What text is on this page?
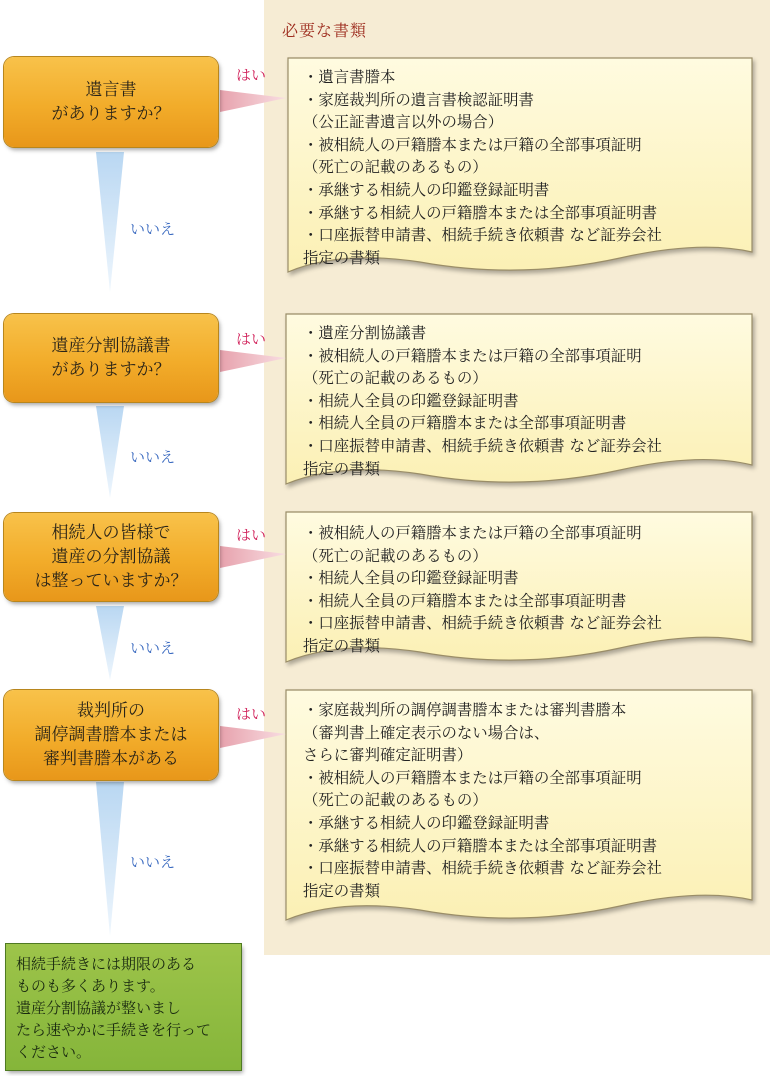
必要な書類
遺言書
がありますか？
はい
いいえ
・遺言書謄本
・家庭裁判所の遺言書検認証明書
（公正証書遺言以外の場合）
・被相続人の戸籍謄本または戸籍の全部事項証明
（死亡の記載のあるもの）
・承継する相続人の印鑑登録証明書
・承継する相続人の戸籍謄本または全部事項証明書
・口座振替申請書、相続手続き依頼書 など証券会社
指定の書類
遺産分割協議書
がありますか？
はい
いいえ
・遺産分割協議書
・被相続人の戸籍謄本または戸籍の全部事項証明
（死亡の記載のあるもの）
・相続人全員の印鑑登録証明書
・相続人全員の戸籍謄本または全部事項証明書
・口座振替申請書、相続手続き依頼書 など証券会社
指定の書類
相続人の皆様で
遺産の分割協議
は整っていますか？
はい
いいえ
・被相続人の戸籍謄本または戸籍の全部事項証明
（死亡の記載のあるもの）
・相続人全員の印鑑登録証明書
・相続人全員の戸籍謄本または全部事項証明書
・口座振替申請書、相続手続き依頼書 など証券会社
指定の書類
裁判所の
調停調書謄本または
審判書謄本がある
はい
いいえ
・家庭裁判所の調停調書謄本または審判書謄本
（審判書上確定表示のない場合は、
さらに審判確定証明書）
・被相続人の戸籍謄本または戸籍の全部事項証明
（死亡の記載のあるもの）
・承継する相続人の印鑑登録証明書
・承継する相続人の戸籍謄本または全部事項証明書
・口座振替申請書、相続手続き依頼書 など証券会社
指定の書類
相続手続きには期限のある
ものも多くあります。
遺産分割協議が整いまし
たら速やかに手続きを行って
ください。
